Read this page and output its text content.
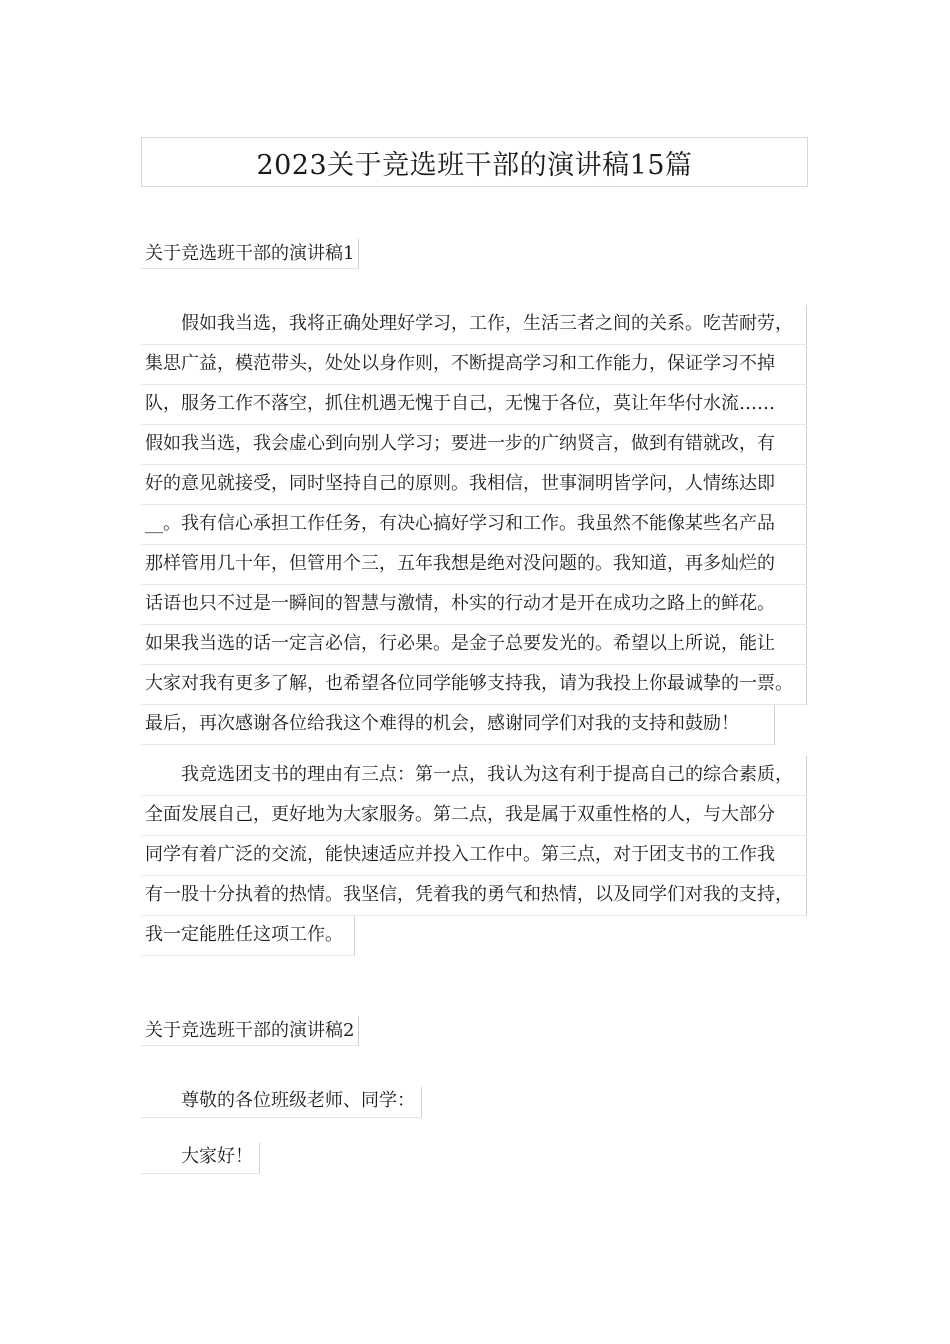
2023关于竞选班干部的演讲稿15篇
关于竞选班干部的演讲稿1
假如我当选，我将正确处理好学习，工作，生活三者之间的关系。吃苦耐劳，
集思广益，模范带头，处处以身作则，不断提高学习和工作能力，保证学习不掉
队，服务工作不落空，抓住机遇无愧于自己，无愧于各位，莫让年华付水流……
假如我当选，我会虚心到向别人学习；要进一步的广纳贤言，做到有错就改，有
好的意见就接受，同时坚持自己的原则。我相信，世事洞明皆学问，人情练达即
__。我有信心承担工作任务，有决心搞好学习和工作。我虽然不能像某些名产品
那样管用几十年，但管用个三，五年我想是绝对没问题的。我知道，再多灿烂的
话语也只不过是一瞬间的智慧与激情，朴实的行动才是开在成功之路上的鲜花。
如果我当选的话一定言必信，行必果。是金子总要发光的。希望以上所说，能让
大家对我有更多了解，也希望各位同学能够支持我，请为我投上你最诚挚的一票。
最后，再次感谢各位给我这个难得的机会，感谢同学们对我的支持和鼓励！
我竞选团支书的理由有三点：第一点，我认为这有利于提高自己的综合素质，
全面发展自己，更好地为大家服务。第二点，我是属于双重性格的人，与大部分
同学有着广泛的交流，能快速适应并投入工作中。第三点，对于团支书的工作我
有一股十分执着的热情。我坚信，凭着我的勇气和热情，以及同学们对我的支持，
我一定能胜任这项工作。
关于竞选班干部的演讲稿2
尊敬的各位班级老师、同学：
大家好！
